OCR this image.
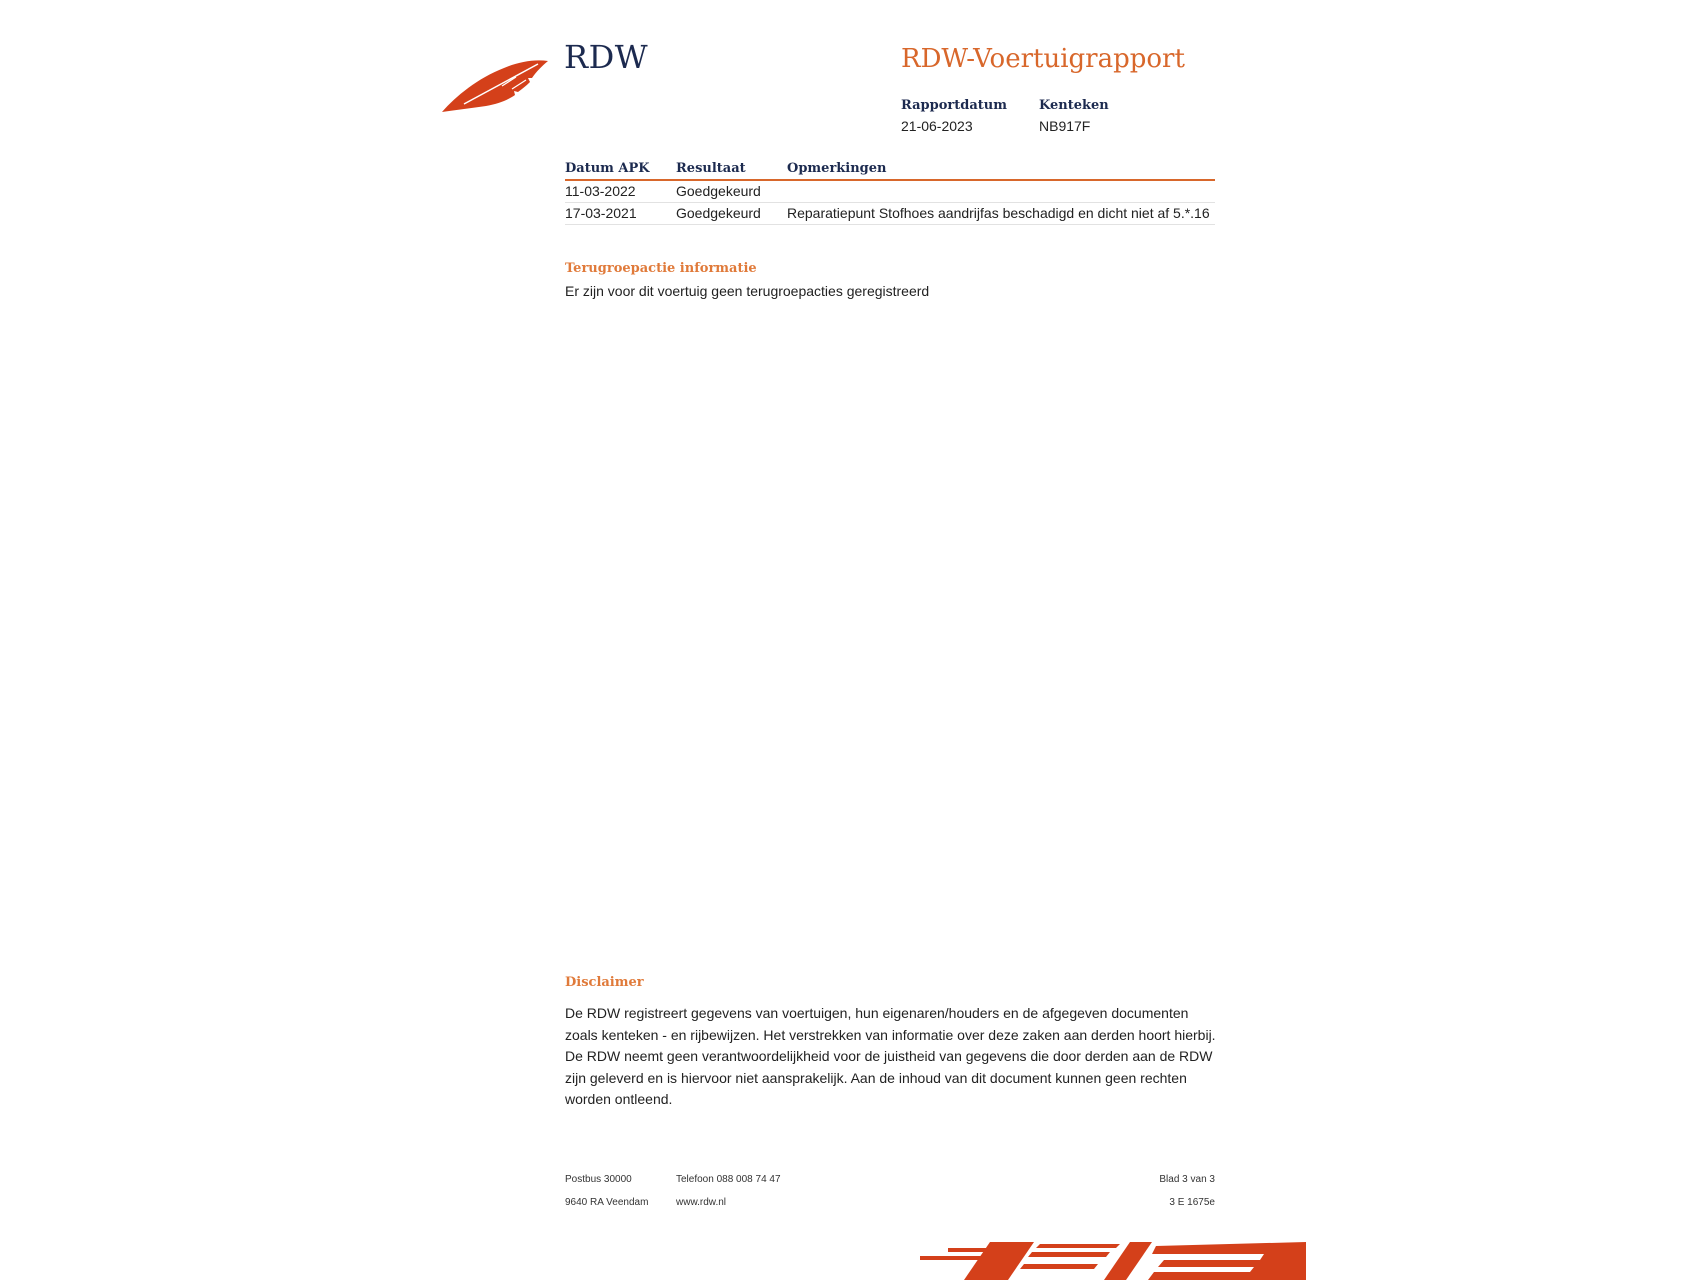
RDW	RDW-Voertuigrapport
Rapportdatum
21-06-2023
Kenteken
NB917F
Datum APK	Resultaat	Opmerkingen
11-03-2022	Goedgekeurd	
17-03-2021	Goedgekeurd	Reparatiepunt Stofhoes aandrijfas beschadigd en dicht niet af 5.*.16
Terugroepactie informatie
Er zijn voor dit voertuig geen terugroepacties geregistreerd
Disclaimer
De RDW registreert gegevens van voertuigen, hun eigenaren/houders en de afgegeven documenten zoals kenteken - en rijbewijzen. Het verstrekken van informatie over deze zaken aan derden hoort hierbij. De RDW neemt geen verantwoordelijkheid voor de juistheid van gegevens die door derden aan de RDW zijn geleverd en is hiervoor niet aansprakelijk. Aan de inhoud van dit document kunnen geen rechten worden ontleend.
Postbus 30000
9640 RA Veendam
Telefoon 088 008 74 47
www.rdw.nl
Blad 3 van 3
3 E 1675e
